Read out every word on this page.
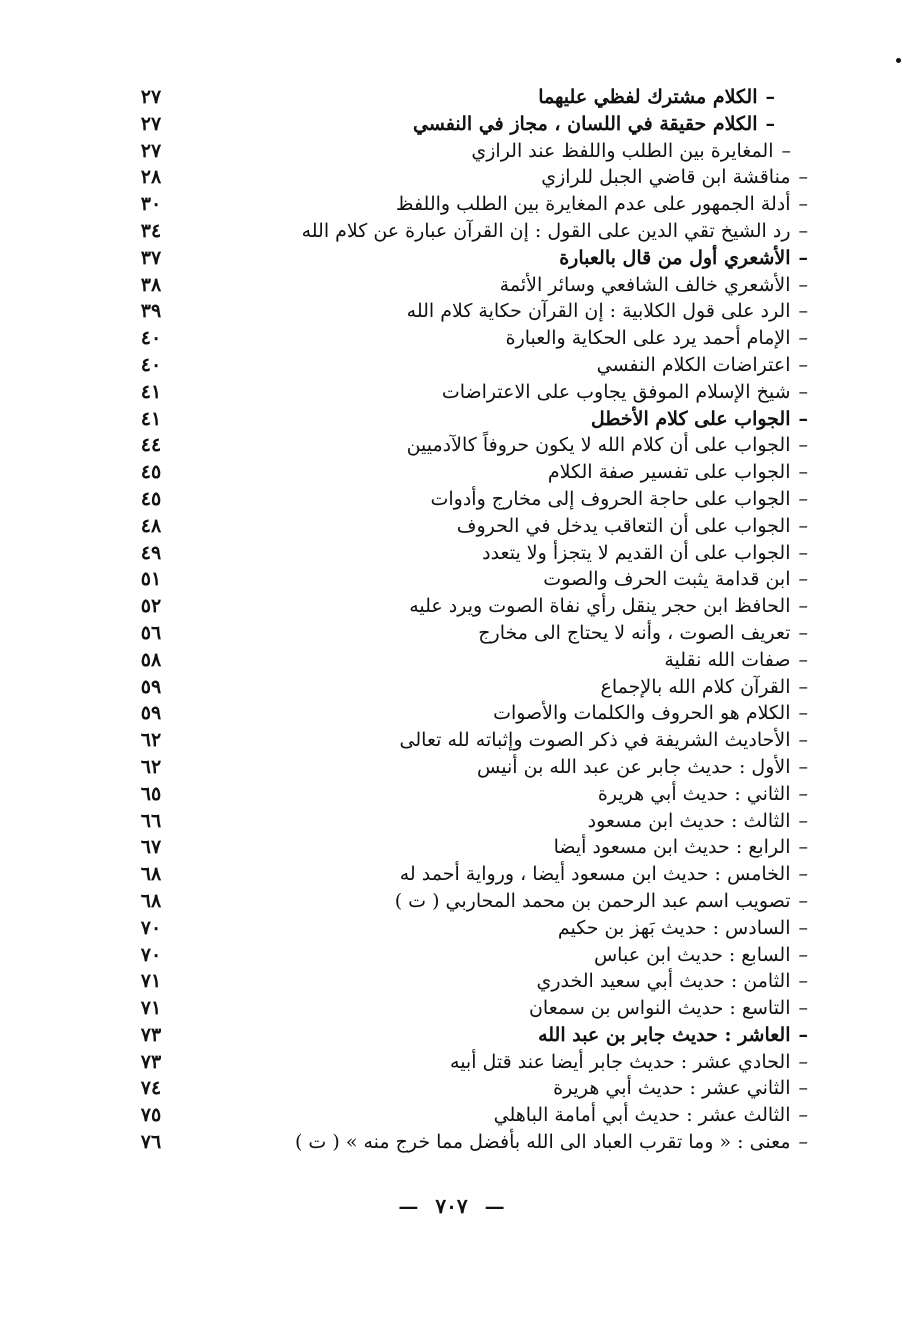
–الكلام مشترك لفظي عليهما
٢٧
–الكلام حقيقة في اللسان ، مجاز في النفسي
٢٧
–المغايرة بين الطلب واللفظ عند الرازي
٢٧
–مناقشة ابن قاضي الجبل للرازي
٢٨
–أدلة الجمهور على عدم المغايرة بين الطلب واللفظ
٣٠
–رد الشيخ تقي الدين على القول : إن القرآن عبارة عن كلام الله
٣٤
–الأشعري أول من قال بالعبارة
٣٧
–الأشعري خالف الشافعي وسائر الأئمة
٣٨
–الرد على قول الكلابية : إن القرآن حكاية كلام الله
٣٩
–الإمام أحمد يرد على الحكاية والعبارة
٤٠
–اعتراضات الكلام النفسي
٤٠
–شيخ الإسلام الموفق يجاوب على الاعتراضات
٤١
–الجواب على كلام الأخطل
٤١
–الجواب على أن كلام الله لا يكون حروفاً كالآدميين
٤٤
–الجواب على تفسير صفة الكلام
٤٥
–الجواب على حاجة الحروف إلى مخارج وأدوات
٤٥
–الجواب على أن التعاقب يدخل في الحروف
٤٨
–الجواب على أن القديم لا يتجزأ ولا يتعدد
٤٩
–ابن قدامة يثبت الحرف والصوت
٥١
–الحافظ ابن حجر ينقل رأي نفاة الصوت ويرد عليه
٥٢
–تعريف الصوت ، وأنه لا يحتاج الى مخارج
٥٦
–صفات الله نقلية
٥٨
–القرآن كلام الله بالإجماع
٥٩
–الكلام هو الحروف والكلمات والأصوات
٥٩
–الأحاديث الشريفة في ذكر الصوت وإثباته لله تعالى
٦٢
–الأول : حديث جابر عن عبد الله بن أنيس
٦٢
–الثاني : حديث أبي هريرة
٦٥
–الثالث : حديث ابن مسعود
٦٦
–الرابع : حديث ابن مسعود أيضا
٦٧
–الخامس : حديث ابن مسعود أيضا ، ورواية أحمد له
٦٨
–تصويب اسم عبد الرحمن بن محمد المحاربي ( ت )
٦٨
–السادس : حديث بَهز بن حكيم
٧٠
–السابع : حديث ابن عباس
٧٠
–الثامن : حديث أبي سعيد الخدري
٧١
–التاسع : حديث النواس بن سمعان
٧١
–العاشر : حديث جابر بن عبد الله
٧٣
–الحادي عشر : حديث جابر أيضا عند قتل أبيه
٧٣
–الثاني عشر : حديث أبي هريرة
٧٤
–الثالث عشر : حديث أبي أمامة الباهلي
٧٥
–معنى : « وما تقرب العباد الى الله بأفضل مما خرج منه » ( ت )
٧٦
— ٧٠٧ —
